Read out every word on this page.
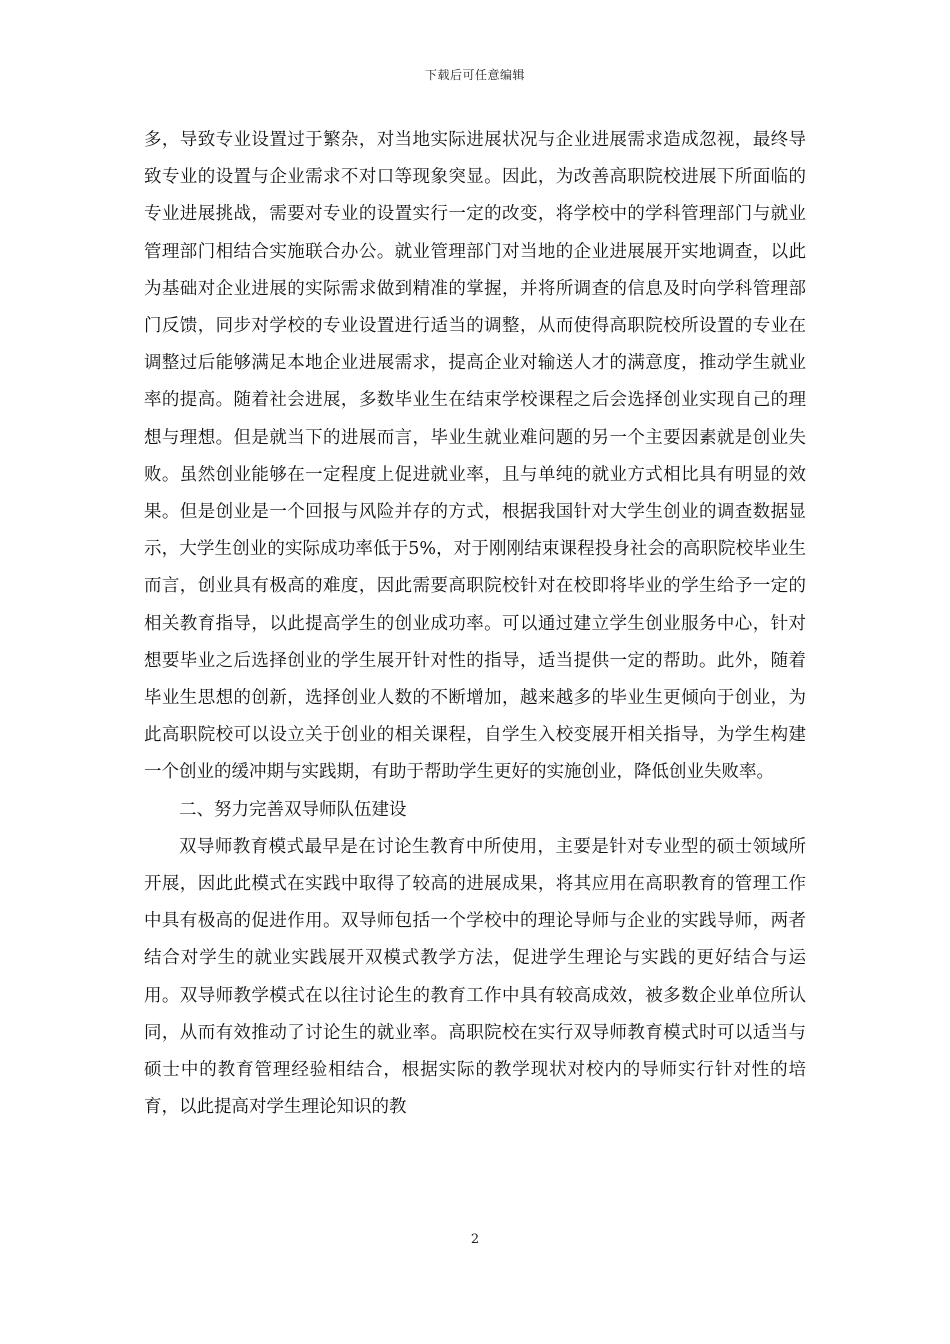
下载后可任意编辑

多，导致专业设置过于繁杂，对当地实际进展状况与企业进展需求造成忽视，最终导致专业的设置与企业需求不对口等现象突显。因此，为改善高职院校进展下所面临的专业进展挑战，需要对专业的设置实行一定的改变，将学校中的学科管理部门与就业管理部门相结合实施联合办公。就业管理部门对当地的企业进展展开实地调查，以此为基础对企业进展的实际需求做到精准的掌握，并将所调查的信息及时向学科管理部门反馈，同步对学校的专业设置进行适当的调整，从而使得高职院校所设置的专业在调整过后能够满足本地企业进展需求，提高企业对输送人才的满意度，推动学生就业率的提高。随着社会进展，多数毕业生在结束学校课程之后会选择创业实现自己的理想与理想。但是就当下的进展而言，毕业生就业难问题的另一个主要因素就是创业失败。虽然创业能够在一定程度上促进就业率，且与单纯的就业方式相比具有明显的效果。但是创业是一个回报与风险并存的方式，根据我国针对大学生创业的调查数据显示，大学生创业的实际成功率低于5%，对于刚刚结束课程投身社会的高职院校毕业生而言，创业具有极高的难度，因此需要高职院校针对在校即将毕业的学生给予一定的相关教育指导，以此提高学生的创业成功率。可以通过建立学生创业服务中心，针对想要毕业之后选择创业的学生展开针对性的指导，适当提供一定的帮助。此外，随着毕业生思想的创新，选择创业人数的不断增加，越来越多的毕业生更倾向于创业，为此高职院校可以设立关于创业的相关课程，自学生入校变展开相关指导，为学生构建一个创业的缓冲期与实践期，有助于帮助学生更好的实施创业，降低创业失败率。

二、努力完善双导师队伍建设

双导师教育模式最早是在讨论生教育中所使用，主要是针对专业型的硕士领域所开展，因此此模式在实践中取得了较高的进展成果，将其应用在高职教育的管理工作中具有极高的促进作用。双导师包括一个学校中的理论导师与企业的实践导师，两者结合对学生的就业实践展开双模式教学方法，促进学生理论与实践的更好结合与运用。双导师教学模式在以往讨论生的教育工作中具有较高成效，被多数企业单位所认同，从而有效推动了讨论生的就业率。高职院校在实行双导师教育模式时可以适当与硕士中的教育管理经验相结合，根据实际的教学现状对校内的导师实行针对性的培育，以此提高对学生理论知识的教

2
